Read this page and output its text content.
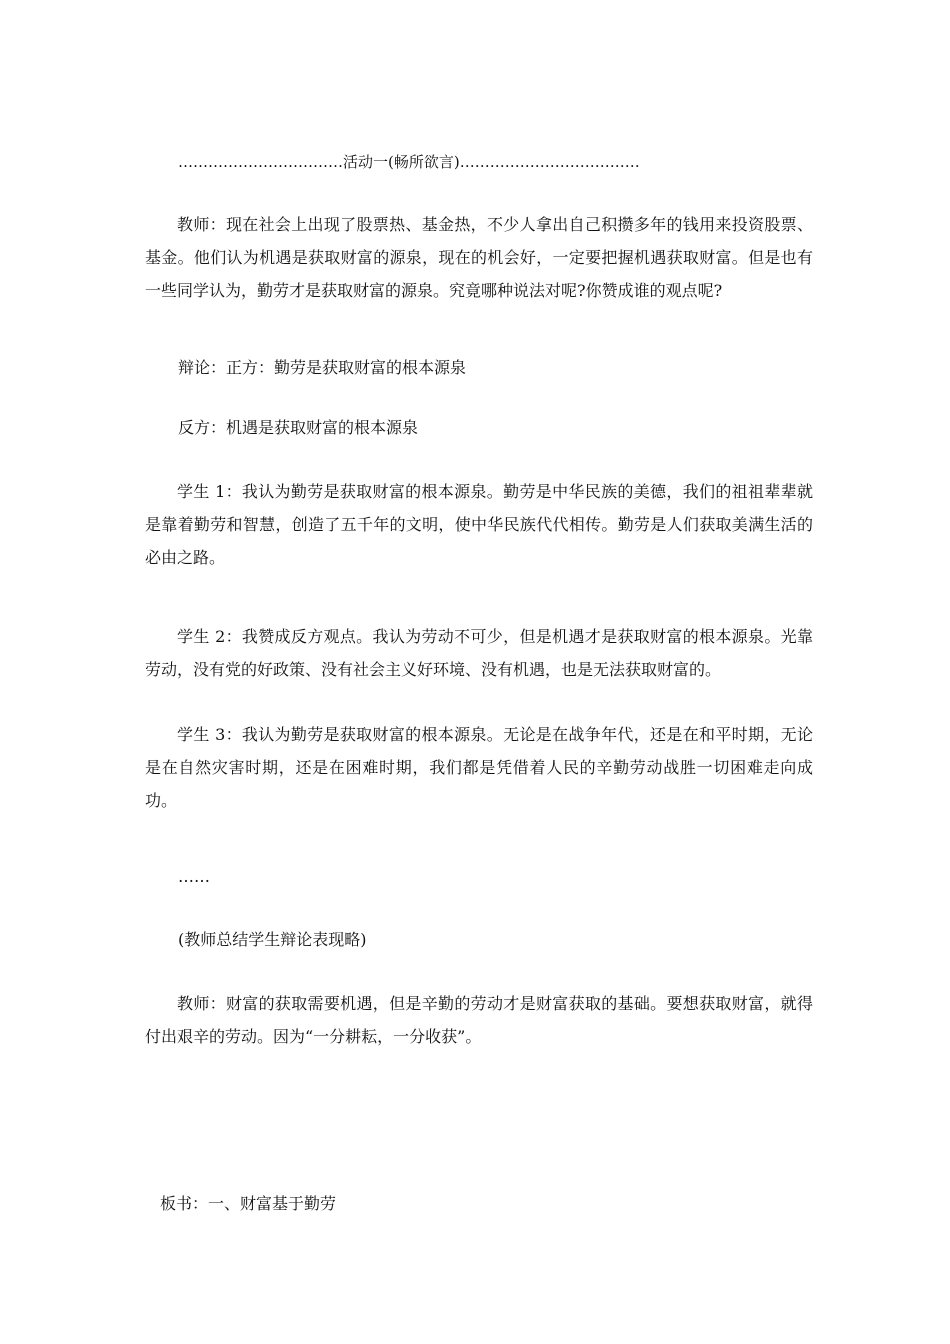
……………………………活动一(畅所欲言)………………………………

教师：现在社会上出现了股票热、基金热，不少人拿出自己积攒多年的钱用来投资股票、基金。他们认为机遇是获取财富的源泉，现在的机会好，一定要把握机遇获取财富。但是也有一些同学认为，勤劳才是获取财富的源泉。究竟哪种说法对呢?你赞成谁的观点呢?

辩论：正方：勤劳是获取财富的根本源泉

反方：机遇是获取财富的根本源泉

学生 1：我认为勤劳是获取财富的根本源泉。勤劳是中华民族的美德，我们的祖祖辈辈就是靠着勤劳和智慧，创造了五千年的文明，使中华民族代代相传。勤劳是人们获取美满生活的必由之路。

学生 2：我赞成反方观点。我认为劳动不可少，但是机遇才是获取财富的根本源泉。光靠劳动，没有党的好政策、没有社会主义好环境、没有机遇，也是无法获取财富的。

学生 3：我认为勤劳是获取财富的根本源泉。无论是在战争年代，还是在和平时期，无论是在自然灾害时期，还是在困难时期，我们都是凭借着人民的辛勤劳动战胜一切困难走向成功。

……

(教师总结学生辩论表现略)

教师：财富的获取需要机遇，但是辛勤的劳动才是财富获取的基础。要想获取财富，就得付出艰辛的劳动。因为“一分耕耘，一分收获”。

板书：一、财富基于勤劳
